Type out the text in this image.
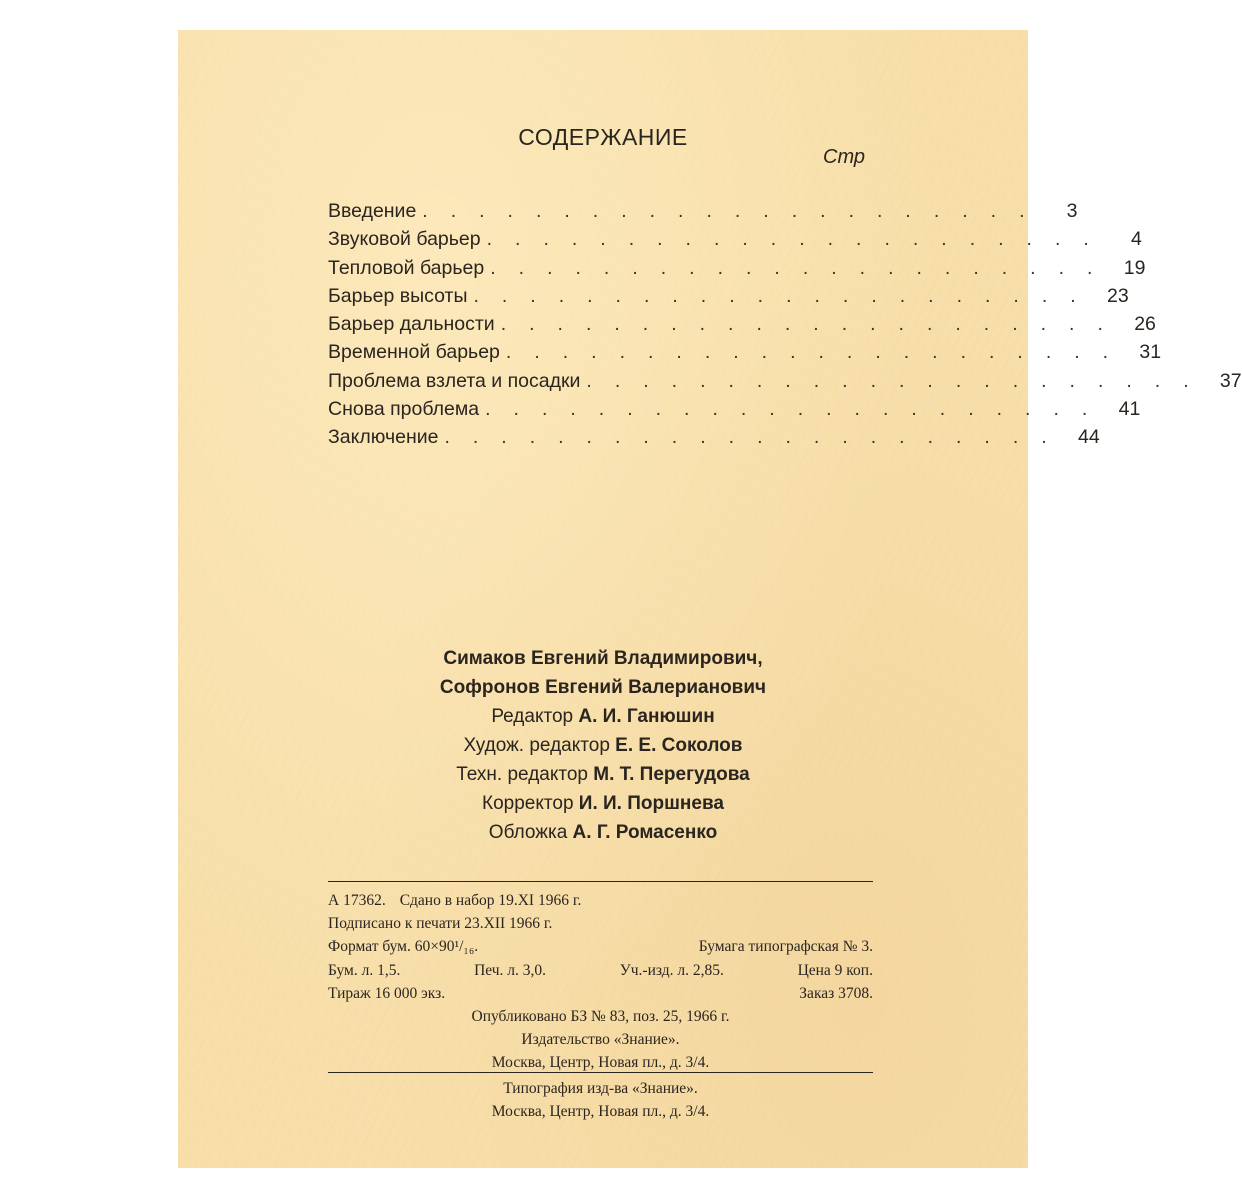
СОДЕРЖАНИЕ
Стр
Введение ...................... 3
Звуковой барьер ...................... 4
Тепловой барьер ...................... 19
Барьер высоты ...................... 23
Барьер дальности ...................... 26
Временной барьер ...................... 31
Проблема взлета и посадки ...................... 37
Снова проблема ...................... 41
Заключение ...................... 44
Симаков Евгений Владимирович,
Софронов Евгений Валерианович
Редактор А. И. Ганюшин
Худож. редактор Е. Е. Соколов
Техн. редактор М. Т. Перегудова
Корректор И. И. Поршнева
Обложка А. Г. Ромасенко
А 17362. Сдано в набор 19.XI 1966 г.
Подписано к печати 23.XII 1966 г.
Формат бум. 60×90¹/₁₆.	Бумага типографская № 3.
Бум. л. 1,5.	Печ. л. 3,0.	Уч.-изд. л. 2,85.	Цена 9 коп.
Тираж 16 000 экз.	Заказ 3708.
Опубликовано БЗ № 83, поз. 25, 1966 г.
Издательство «Знание».
Москва, Центр, Новая пл., д. 3/4.
Типография изд-ва «Знание».
Москва, Центр, Новая пл., д. 3/4.
